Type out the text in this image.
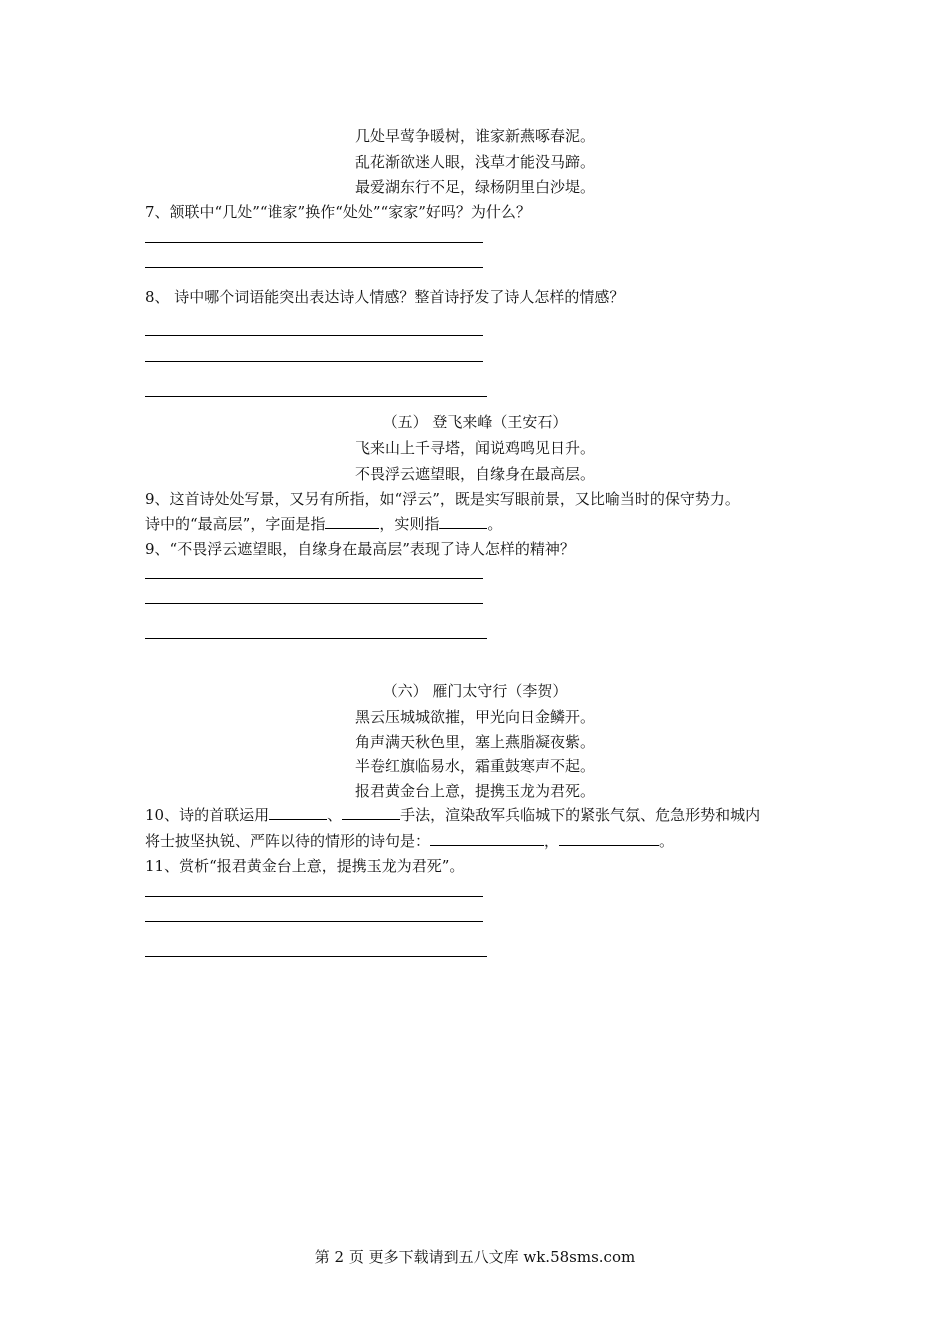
几处早莺争暖树，谁家新燕啄春泥。
乱花渐欲迷人眼，浅草才能没马蹄。
最爱湖东行不足，绿杨阴里白沙堤。
7、颔联中“几处”“谁家”换作“处处”“家家”好吗？为什么？
8、 诗中哪个词语能突出表达诗人情感？整首诗抒发了诗人怎样的情感？
（五） 登飞来峰（王安石）
飞来山上千寻塔，闻说鸡鸣见日升。
不畏浮云遮望眼，自缘身在最高层。
9、这首诗处处写景，又另有所指，如“浮云”，既是实写眼前景，又比喻当时的保守势力。
诗中的“最高层”，字面是指	，实则指	。
9、“不畏浮云遮望眼，自缘身在最高层”表现了诗人怎样的精神？
（六） 雁门太守行（李贺）
黑云压城城欲摧，甲光向日金鳞开。
角声满天秋色里，塞上燕脂凝夜紫。
半卷红旗临易水，霜重鼓寒声不起。
报君黄金台上意，提携玉龙为君死。
10、诗的首联运用	、	手法，渲染敌军兵临城下的紧张气氛、危急形势和城内
将士披坚执锐、严阵以待的情形的诗句是：	，	。
11、赏析“报君黄金台上意，提携玉龙为君死”。
第 2 页 更多下载请到五八文库 wk.58sms.com
